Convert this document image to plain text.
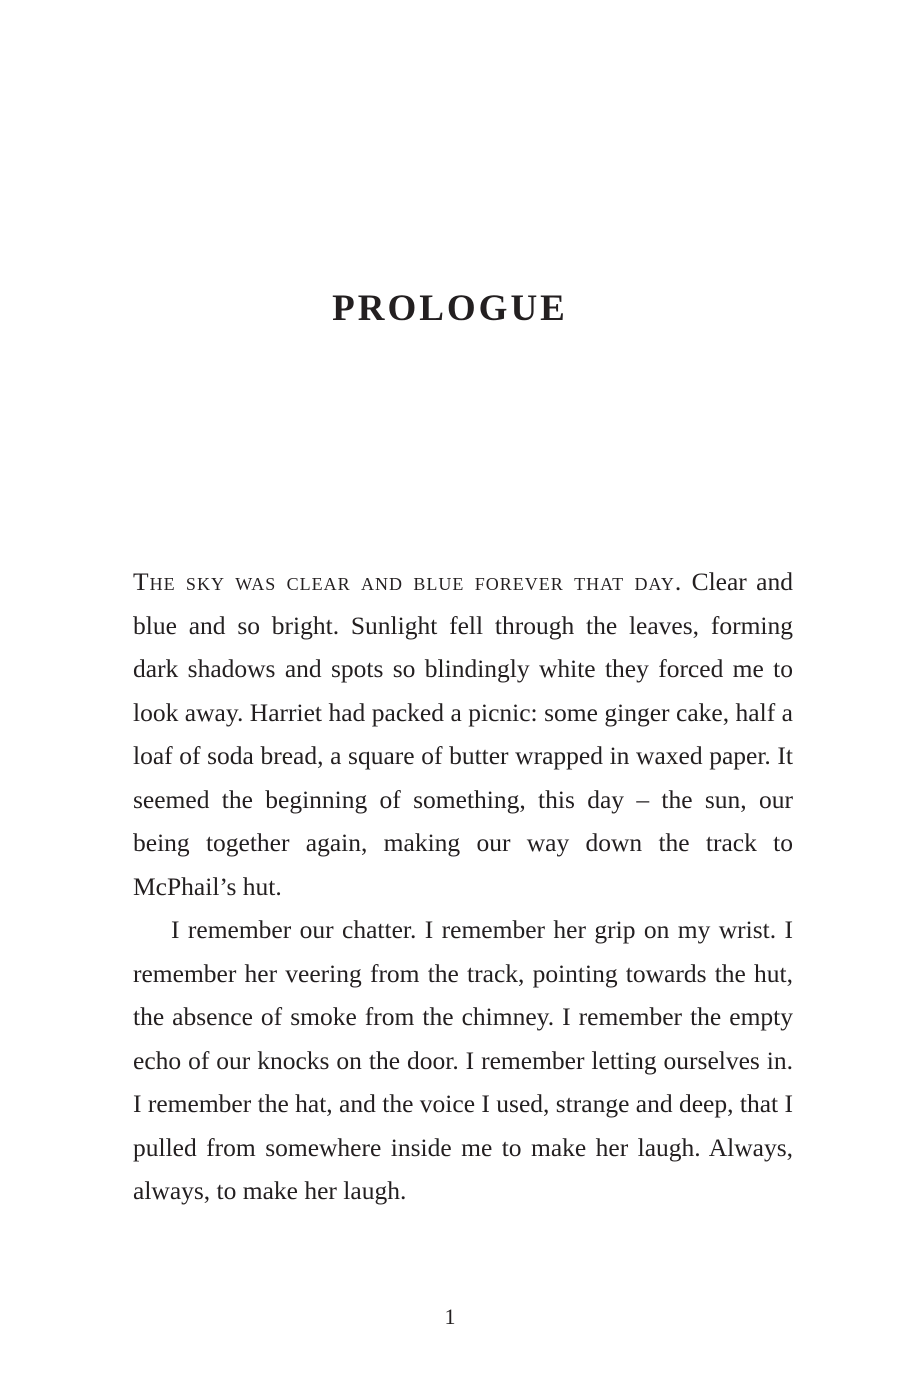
PROLOGUE

The sky was clear and blue forever that day. Clear and blue and so bright. Sunlight fell through the leaves, forming dark shadows and spots so blindingly white they forced me to look away. Harriet had packed a picnic: some ginger cake, half a loaf of soda bread, a square of butter wrapped in waxed paper. It seemed the beginning of something, this day – the sun, our being together again, making our way down the track to McPhail’s hut.

I remember our chatter. I remember her grip on my wrist. I remember her veering from the track, pointing towards the hut, the absence of smoke from the chimney. I remember the empty echo of our knocks on the door. I remember letting ourselves in. I remember the hat, and the voice I used, strange and deep, that I pulled from somewhere inside me to make her laugh. Always, always, to make her laugh.

1
